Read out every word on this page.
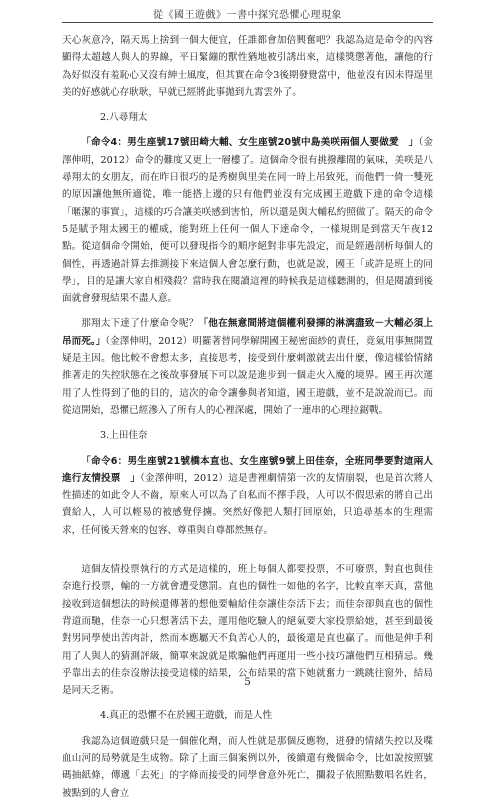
從《國王遊戲》一書中探究恐懼心理現象

天心灰意冷，隔天馬上捨到一個大便宜，任誰都會加倍興奮吧？我認為這是命令的內容顯得太超越人與人的界線，平日緊繃的獸性猶地被引誘出來，這樣獎懲著他，讓他的行為好似沒有羞恥心又沒有紳士風度，但其實在命令3後期發覺當中，他並沒有因未得逞里美的好感就心存耿耿，早就已經將此事拋到九霄雲外了。

2.八尋翔太

「命令4：男生座號17號田崎大輔、女生座號20號中島美咲兩個人要做愛　」（金澤伸明，2012）命令的難度又更上一層樓了。這個命令很有挑撥離間的氣味，美咲是八尋翔太的女朋友，而在昨日很巧的是秀樹與里美在同一時上吊致死，而他們一倚一雙死的原因讓他無所適從，唯一能搭上邊的只有他們並沒有完成國王遊戲下達的命令這樣「暱潔的事實」，這樣的巧合讓美咲感到害怕，所以還是與大輔私約照做了。隔天的命令5是賦予翔太國王的權威，能對班上任何一個人下達命令，一樣規則是到當天午夜12點。從這個命令開始，便可以發現指今的順序絕對非事先設定，而是經過剖析每個人的個性，再透過計算去推測接下來這個人會怎麼行動，也就是說，國王「或許是班上的同學」，目的是讓大家自相殘殺？當時我在閱讀這裡的時候我是這樣聽測的，但是閱讀到後面就會發現結果不盡人意。

那翔太下達了什麼命令呢？「他在無意間將這個權利發揮的淋漓盡致－大輔必須上吊而死。」（金澤伸明，2012）明羅著替同學解開國王秘密面紗的責任，竟氣用事無開置疑是主因。他比較不會想太多，直接思考，接受到什麼刺激就去出什麼，像這樣恰情緒推著走的失控狀態在之後故事發展下可以說是進步到一個走火入魔的境界。國王再次運用了人性得到了他的目的，這次的命令讓參與者知道，國王遊戲，並不是說說而已。而從這開始，恐懼已經滲入了所有人的心裡深處，開始了一連串的心理拉鋸戰。

3.上田佳奈

「命令6：男生座號21號橋本直也、女生座號9號上田佳奈，全班同學要對這兩人進行友情投票　」（金澤伸明，2012）這是書裡劇情第一次的友情崩裂，也是首次將人性描述的如此令人不齒，原來人可以為了自私而不擇手段，人可以不假思索的將自己出賣給人，人可以輕易的被感覺俘擄。突然好像把人類打回原始，只追尋基本的生理需求，任何後天營來的包容、尊重與自尊都然無存。

這個友情投票執行的方式是這樣的，班上每個人都要投票，不可廢票，對直也與佳奈進行投票，輸的一方就會遭受懲罰。直也的個性一如他的名字，比較直率天真，當他接收到這個想法的時候還傳著的想他要輸給佳奈讓佳奈活下去；而佳奈卻與直也的個性背道而馳，佳奈一心只想著活下去，運用他吃驗人的絕氣要大家投票給她，甚至到最後對男同學使出苦肉計，然而本應屬天不負苦心人的，最後還是直也贏了。而他是伸手利用了人與人的猜測評級，簡單來說就是欺騙他們再運用一些小技巧讓他們互相猜忌。幾乎靠出去的佳奈沒辦法接受這樣的結果，公布結果的當下她就奮力一跳跳往窗外，結局是同天乏術。

4.真正的恐懼不在於國王遊戲，而是人性

我認為這個遊戲只是一個催化劑，而人性就是那個反應物，迸發的情緒失控以及喋血山河的局勢就是生成物。除了上面三個案例以外，後續還有幾個命令，比如說按照號碼抽紙條，傳遞「去死」的字條而接受的同學會意外死亡，攔殺子依照點數唱名姓名，被點到的人會立

5
